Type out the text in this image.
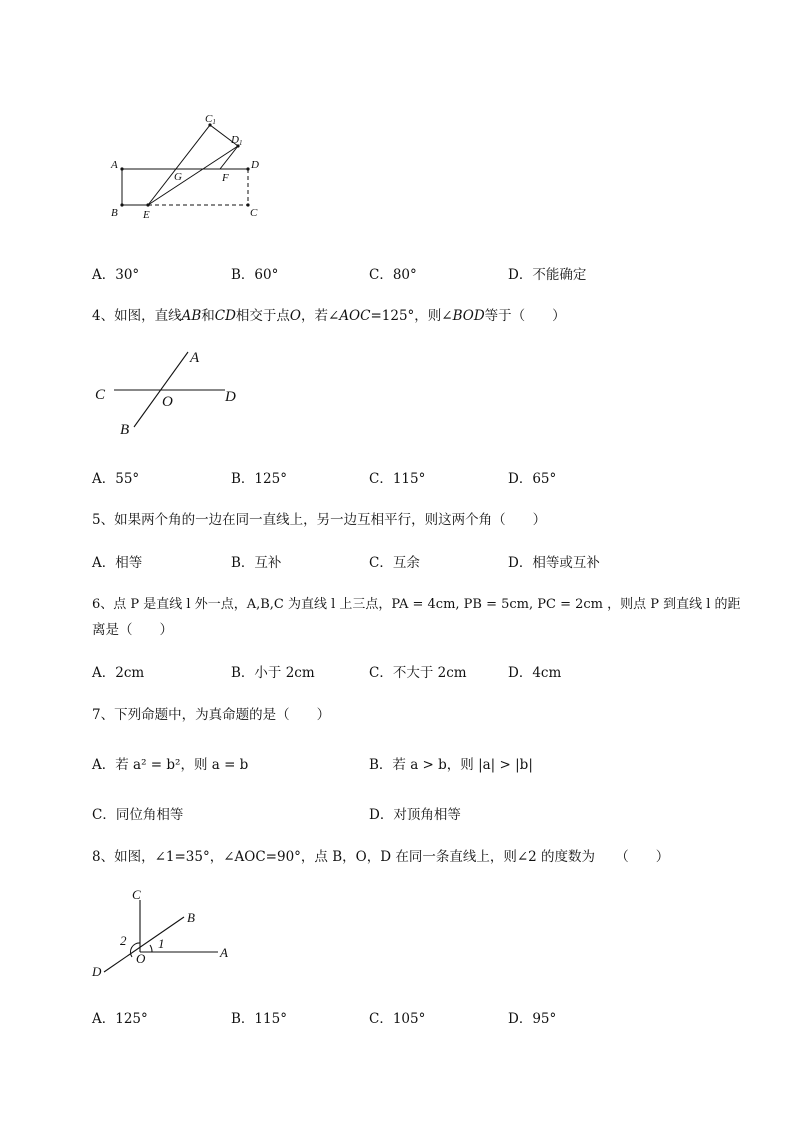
A
B E	C
D
G	F
C1
D1
A．30°	B．60°	C．80°	D．不能确定
4、如图，直线AB和CD相交于点O，若∠AOC=125°，则∠BOD等于（　　）
C	D
A
B
O
A．55°	B．125°	C．115°	D．65°
5、如果两个角的一边在同一直线上，另一边互相平行，则这两个角（　　）
A．相等	B．互补	C．互余	D．相等或互补
6、点 P 是直线 l 外一点，A,B,C 为直线 l 上三点，PA = 4cm, PB = 5cm, PC = 2cm ，则点 P 到直线 l 的距
离是（　　）
A．2cm	B．小于 2cm	C．不大于 2cm	D．4cm
7、下列命题中，为真命题的是（　　）
A．若 a² = b²，则 a = b	B．若 a > b，则 |a| > |b|
C．同位角相等	D．对顶角相等
8、如图，∠1=35°，∠AOC=90°，点 B，O，D 在同一条直线上，则∠2 的度数为　　（　　）
C
B
A
D
O
1
2
A．125°	B．115°	C．105°	D．95°
